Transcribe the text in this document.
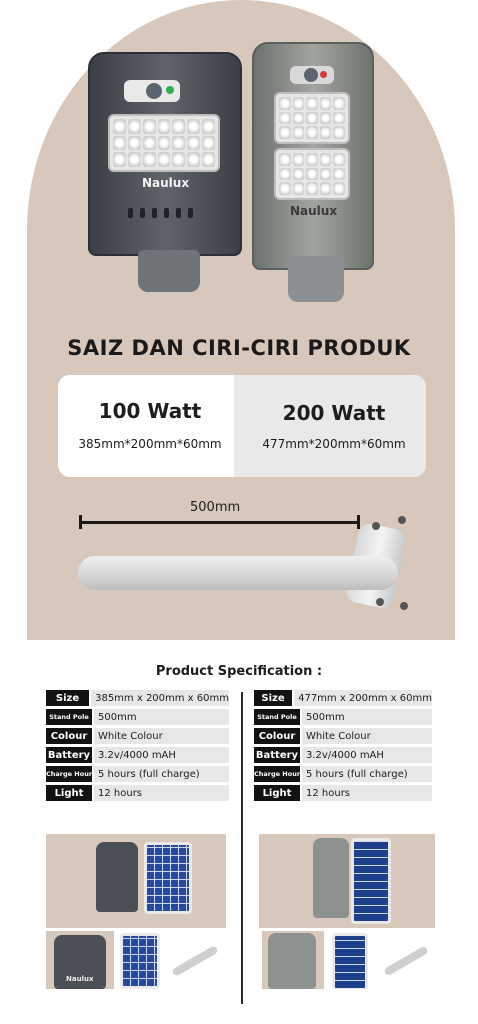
Naulux
Naulux
SAIZ DAN CIRI-CIRI PRODUK
100 Watt
385mm*200mm*60mm
200 Watt
477mm*200mm*60mm
500mm
Product Specification :
Size	385mm x 200mm x 60mm
Stand Pole 500mm
Colour	White Colour
Battery 3.2v/4000 mAH
Charge Hour 5 hours (full charge)
Light	12 hours
Size	477mm x 200mm x 60mm
Stand Pole 500mm
Colour	White Colour
Battery 3.2v/4000 mAH
Charge Hour 5 hours (full charge)
Light	12 hours
Naulux
